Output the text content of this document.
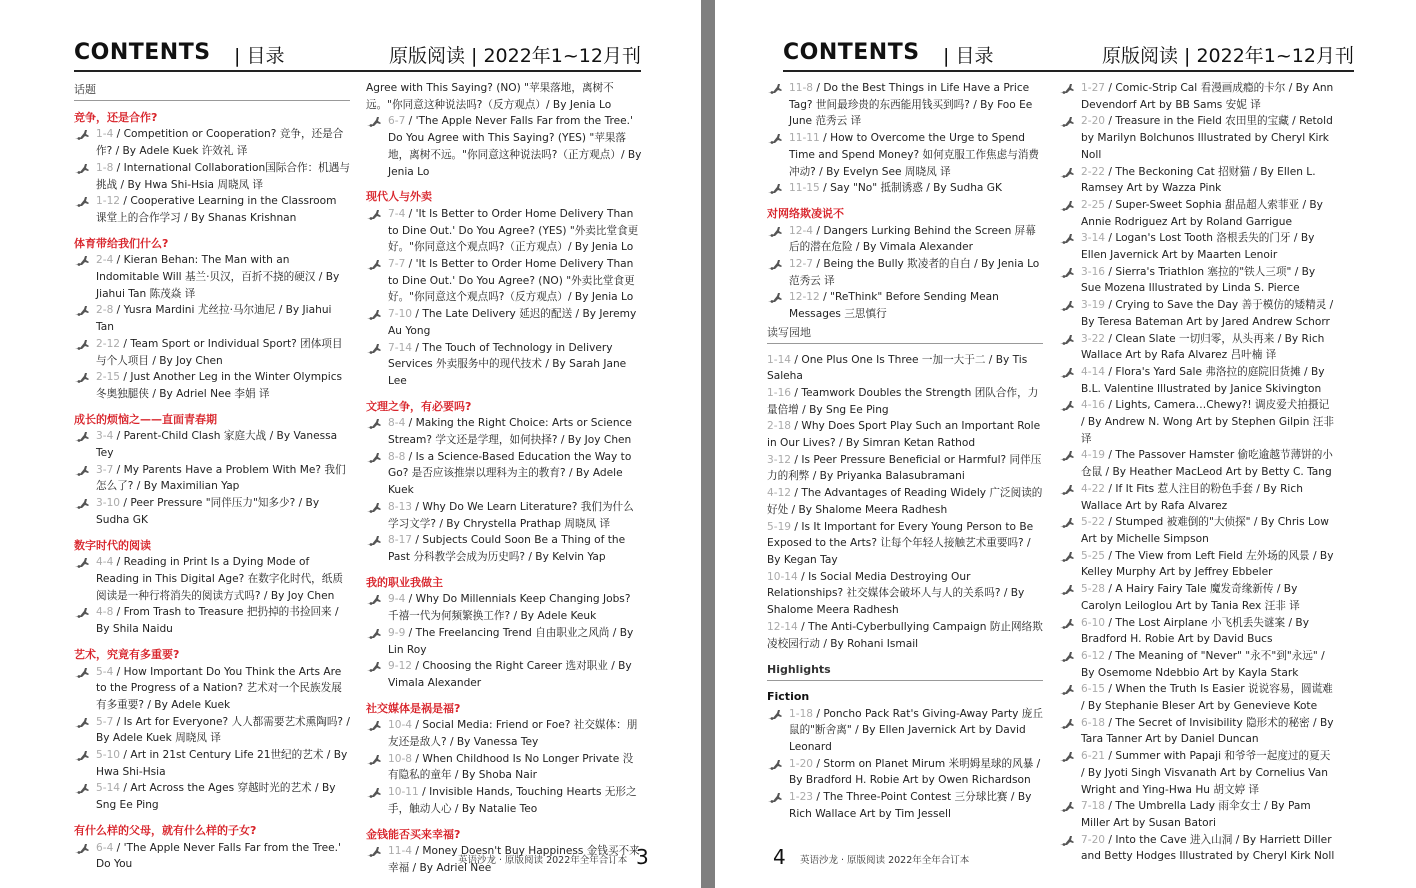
CONTENTS | 目录	原版阅读 | 2022年1~12月刊
话题
竞争，还是合作?
1-4 / Competition or Cooperation? 竞争，还是合作? / By Adele Kuek 许效礼 译
1-8 / International Collaboration国际合作：机遇与挑战 / By Hwa Shi-Hsia 周晓凤 译
1-12 / Cooperative Learning in the Classroom 课堂上的合作学习 / By Shanas Krishnan
体育带给我们什么?
2-4 / Kieran Behan: The Man with an Indomitable Will 基兰·贝汉，百折不挠的硬汉 / By Jiahui Tan 陈茂焱 译
2-8 / Yusra Mardini 尤丝拉·马尔迪尼 / By Jiahui Tan
2-12 / Team Sport or Individual Sport? 团体项目与个人项目 / By Joy Chen
2-15 / Just Another Leg in the Winter Olympics 冬奥独腿侠 / By Adriel Nee 李娟 译
成长的烦恼之——直面青春期
3-4 / Parent-Child Clash 家庭大战 / By Vanessa Tey
3-7 / My Parents Have a Problem With Me? 我们怎么了? / By Maximilian Yap
3-10 / Peer Pressure "同伴压力"知多少? / By Sudha GK
数字时代的阅读
4-4 / Reading in Print Is a Dying Mode of Reading in This Digital Age? 在数字化时代，纸质阅读是一种行将消失的阅读方式吗? / By Joy Chen
4-8 / From Trash to Treasure 把扔掉的书捡回来 / By Shila Naidu
艺术，究竟有多重要?
5-4 / How Important Do You Think the Arts Are to the Progress of a Nation? 艺术对一个民族发展有多重要? / By Adele Kuek
5-7 / Is Art for Everyone? 人人都需要艺术熏陶吗? / By Adele Kuek 周晓凤 译
5-10 / Art in 21st Century Life 21世纪的艺术 / By Hwa Shi-Hsia
5-14 / Art Across the Ages 穿越时光的艺术 / By Sng Ee Ping
有什么样的父母，就有什么样的子女?
6-4 / 'The Apple Never Falls Far from the Tree.' Do You
Agree with This Saying? (NO) "苹果落地，离树不远。"你同意这种说法吗?（反方观点）/ By Jenia Lo
6-7 / 'The Apple Never Falls Far from the Tree.' Do You Agree with This Saying? (YES) "苹果落地，离树不远。"你同意这种说法吗?（正方观点）/ By Jenia Lo
现代人与外卖
7-4 / 'It Is Better to Order Home Delivery Than to Dine Out.' Do You Agree? (YES) "外卖比堂食更好。"你同意这个观点吗?（正方观点）/ By Jenia Lo
7-7 / 'It Is Better to Order Home Delivery Than to Dine Out.' Do You Agree? (NO) "外卖比堂食更好。"你同意这个观点吗?（反方观点）/ By Jenia Lo
7-10 / The Late Delivery 延迟的配送 / By Jeremy Au Yong
7-14 / The Touch of Technology in Delivery Services 外卖服务中的现代技术 / By Sarah Jane Lee
文理之争，有必要吗?
8-4 / Making the Right Choice: Arts or Science Stream? 学文还是学理，如何抉择? / By Joy Chen
8-8 / Is a Science-Based Education the Way to Go? 是否应该推崇以理科为主的教育? / By Adele Kuek
8-13 / Why Do We Learn Literature? 我们为什么学习文学? / By Chrystella Prathap 周晓凤 译
8-17 / Subjects Could Soon Be a Thing of the Past 分科教学会成为历史吗? / By Kelvin Yap
我的职业我做主
9-4 / Why Do Millennials Keep Changing Jobs? 千禧一代为何频繁换工作? / By Adele Keuk
9-9 / The Freelancing Trend 自由职业之风尚 / By Lin Roy
9-12 / Choosing the Right Career 选对职业 / By Vimala Alexander
社交媒体是祸是福?
10-4 / Social Media: Friend or Foe? 社交媒体：朋友还是敌人? / By Vanessa Tey
10-8 / When Childhood Is No Longer Private 没有隐私的童年 / By Shoba Nair
10-11 / Invisible Hands, Touching Hearts 无形之手，触动人心 / By Natalie Teo
金钱能否买来幸福?
11-4 / Money Doesn't Buy Happiness 金钱买不来幸福 / By Adriel Nee
英语沙龙 · 原版阅读 2022年全年合订本 3
CONTENTS | 目录	原版阅读 | 2022年1~12月刊
11-8 / Do the Best Things in Life Have a Price Tag? 世间最珍贵的东西能用钱买到吗? / By Foo Ee June 范秀云 译
11-11 / How to Overcome the Urge to Spend Time and Spend Money? 如何克服工作焦虑与消费冲动? / By Evelyn See 周晓凤 译
11-15 / Say "No" 抵制诱惑 / By Sudha GK
对网络欺凌说不
12-4 / Dangers Lurking Behind the Screen 屏幕后的潜在危险 / By Vimala Alexander
12-7 / Being the Bully 欺凌者的自白 / By Jenia Lo 范秀云 译
12-12 / "ReThink" Before Sending Mean Messages 三思慎行
读写园地
1-14 / One Plus One Is Three 一加一大于二 / By Tis Saleha
1-16 / Teamwork Doubles the Strength 团队合作，力量倍增 / By Sng Ee Ping
2-18 / Why Does Sport Play Such an Important Role in Our Lives? / By Simran Ketan Rathod
3-12 / Is Peer Pressure Beneficial or Harmful? 同伴压力的利弊 / By Priyanka Balasubramani
4-12 / The Advantages of Reading Widely 广泛阅读的好处 / By Shalome Meera Radhesh
5-19 / Is It Important for Every Young Person to Be Exposed to the Arts? 让每个年轻人接触艺术重要吗? / By Kegan Tay
10-14 / Is Social Media Destroying Our Relationships? 社交媒体会破坏人与人的关系吗? / By Shalome Meera Radhesh
12-14 / The Anti-Cyberbullying Campaign 防止网络欺凌校园行动 / By Rohani Ismail
Highlights
Fiction
1-18 / Poncho Pack Rat's Giving-Away Party 庞丘鼠的"断舍离" / By Ellen Javernick Art by David Leonard
1-20 / Storm on Planet Mirum 米明姆星球的风暴 / By Bradford H. Robie Art by Owen Richardson
1-23 / The Three-Point Contest 三分球比赛 / By Rich Wallace Art by Tim Jessell
1-27 / Comic-Strip Cal 看漫画成瘾的卡尔 / By Ann Devendorf Art by BB Sams 安妮 译
2-20 / Treasure in the Field 农田里的宝藏 / Retold by Marilyn Bolchunos Illustrated by Cheryl Kirk Noll
2-22 / The Beckoning Cat 招财猫 / By Ellen L. Ramsey Art by Wazza Pink
2-25 / Super-Sweet Sophia 甜品超人索菲亚 / By Annie Rodriguez Art by Roland Garrigue
3-14 / Logan's Lost Tooth 洛根丢失的门牙 / By Ellen Javernick Art by Maarten Lenoir
3-16 / Sierra's Triathlon 塞拉的"铁人三项" / By Sue Mozena Illustrated by Linda S. Pierce
3-19 / Crying to Save the Day 善于模仿的矮精灵 / By Teresa Bateman Art by Jared Andrew Schorr
3-22 / Clean Slate 一切归零，从头再来 / By Rich Wallace Art by Rafa Alvarez 吕叶楠 译
4-14 / Flora's Yard Sale 弗洛拉的庭院旧货摊 / By B.L. Valentine Illustrated by Janice Skivington
4-16 / Lights, Camera…Chewy?! 调皮爱犬拍摄记 / By Andrew N. Wong Art by Stephen Gilpin 汪非 译
4-19 / The Passover Hamster 偷吃逾越节薄饼的小仓鼠 / By Heather MacLeod Art by Betty C. Tang
4-22 / If It Fits 惹人注目的粉色手套 / By Rich Wallace Art by Rafa Alvarez
5-22 / Stumped 被难倒的"大侦探" / By Chris Low Art by Michelle Simpson
5-25 / The View from Left Field 左外场的风景 / By Kelley Murphy Art by Jeffrey Ebbeler
5-28 / A Hairy Fairy Tale 魔发奇缘新传 / By Carolyn Leiloglou Art by Tania Rex 汪非 译
6-10 / The Lost Airplane 小飞机丢失谜案 / By Bradford H. Robie Art by David Bucs
6-12 / The Meaning of "Never" "永不"到"永远" / By Osemome Ndebbio Art by Kayla Stark
6-15 / When the Truth Is Easier 说说容易，圆谎难 / By Stephanie Bleser Art by Genevieve Kote
6-18 / The Secret of Invisibility 隐形术的秘密 / By Tara Tanner Art by Daniel Duncan
6-21 / Summer with Papaji 和爷爷一起度过的夏天 / By Jyoti Singh Visvanath Art by Cornelius Van Wright and Ying-Hwa Hu 胡文婷 译
7-18 / The Umbrella Lady 雨伞女士 / By Pam Miller Art by Susan Batori
7-20 / Into the Cave 进入山洞 / By Harriett Diller and Betty Hodges Illustrated by Cheryl Kirk Noll
4 英语沙龙 · 原版阅读 2022年全年合订本
